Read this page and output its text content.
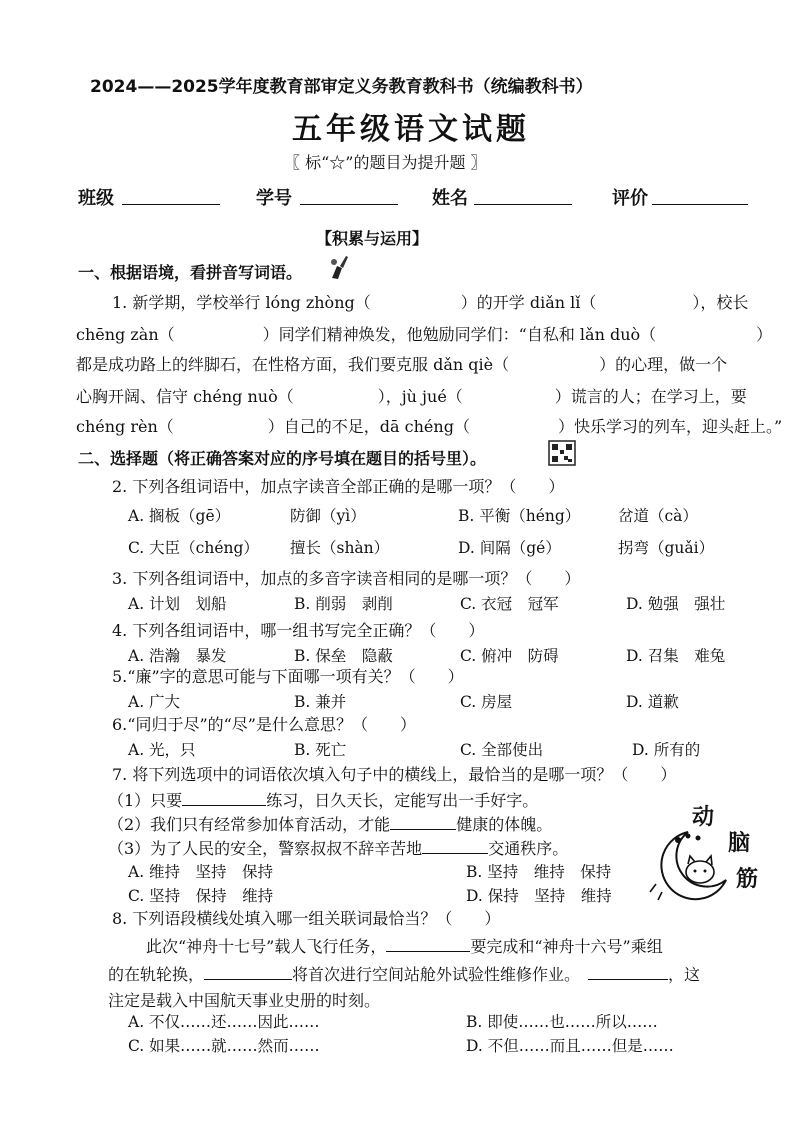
2024——2025学年度教育部审定义务教育教科书（统编教科书）
五年级语文试题
〖 标“☆”的题目为提升题 〗
班级	学号	姓名	评价
【积累与运用】
一、根据语境，看拼音写词语。
1. 新学期，学校举行 lóng zhòng（	）的开学 diǎn lǐ（	），校长
chēng zàn（	）同学们精神焕发，他勉励同学们：“自私和 lǎn duò（	）
都是成功路上的绊脚石，在性格方面，我们要克服 dǎn qiè（	）的心理，做一个
心胸开阔、信守 chéng nuò（	），jù jué（	）谎言的人；在学习上，要
chéng rèn（	）自己的不足，dā chéng（	）快乐学习的列车，迎头赶上。”
二、选择题（将正确答案对应的序号填在题目的括号里）。
2. 下列各组词语中，加点字读音全部正确的是哪一项？（　　）
A. 搁板（gē）	防御（yì）	B. 平衡（héng） 岔道（cà）
C. 大臣（chéng） 擅长（shàn）	D. 间隔（gé）	拐弯（guǎi）
3. 下列各组词语中，加点的多音字读音相同的是哪一项？（　　）
A. 计划　划船	B. 削弱　剥削	C. 衣冠　冠军	D. 勉强　强壮
4. 下列各组词语中，哪一组书写完全正确？（　　）
A. 浩瀚　暴发	B. 保垒　隐蔽	C. 俯冲　防碍	D. 召集　难兔
5.“廉”字的意思可能与下面哪一项有关？（　　）
A. 广大	B. 兼并	C. 房屋	D. 道歉
6.“同归于尽”的“尽”是什么意思？（　　）
A. 光，只	B. 死亡	C. 全部使出	D. 所有的
7. 将下列选项中的词语依次填入句子中的横线上，最恰当的是哪一项？（　　）
（1）只要	练习，日久天长，定能写出一手好字。
（2）我们只有经常参加体育活动，才能	健康的体魄。
（3）为了人民的安全，警察叔叔不辞辛苦地	交通秩序。
A. 维持　坚持　保持	B. 坚持　维持　保持
C. 坚持　保持　维持	D. 保持　坚持　维持
动
脑
筋
8. 下列语段横线处填入哪一组关联词最恰当？（　　）
此次“神舟十七号”载人飞行任务，	要完成和“神舟十六号”乘组
的在轨轮换，	将首次进行空间站舱外试验性维修作业。	，这
注定是载入中国航天事业史册的时刻。
A. 不仅……还……因此……	B. 即使……也……所以……
C. 如果……就……然而……	D. 不但……而且……但是……
